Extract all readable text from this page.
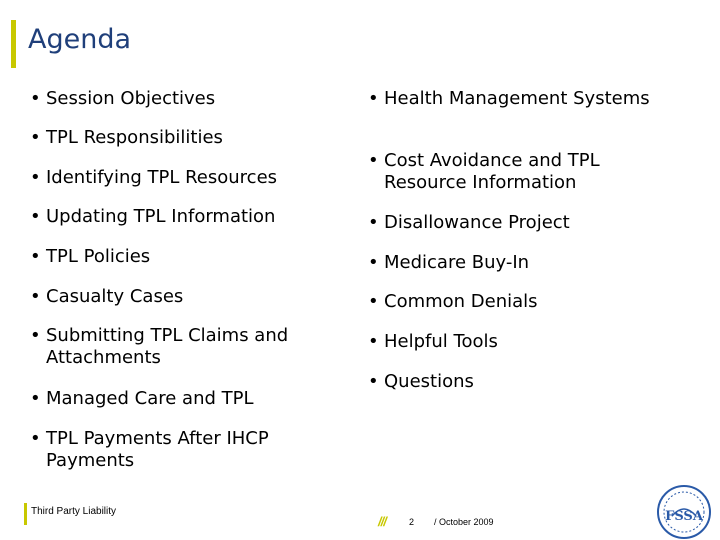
Agenda
• Session Objectives
• TPL Responsibilities
• Identifying TPL Resources
• Updating TPL Information
• TPL Policies
• Casualty Cases
• Submitting TPL Claims and Attachments
• Managed Care and TPL
• TPL Payments After IHCP Payments
• Health Management Systems
• Cost Avoidance and TPL Resource Information
• Disallowance Project
• Medicare Buy-In
• Common Denials
• Helpful Tools
• Questions
Third Party Liability
///	2 / October 2009	FSSA
